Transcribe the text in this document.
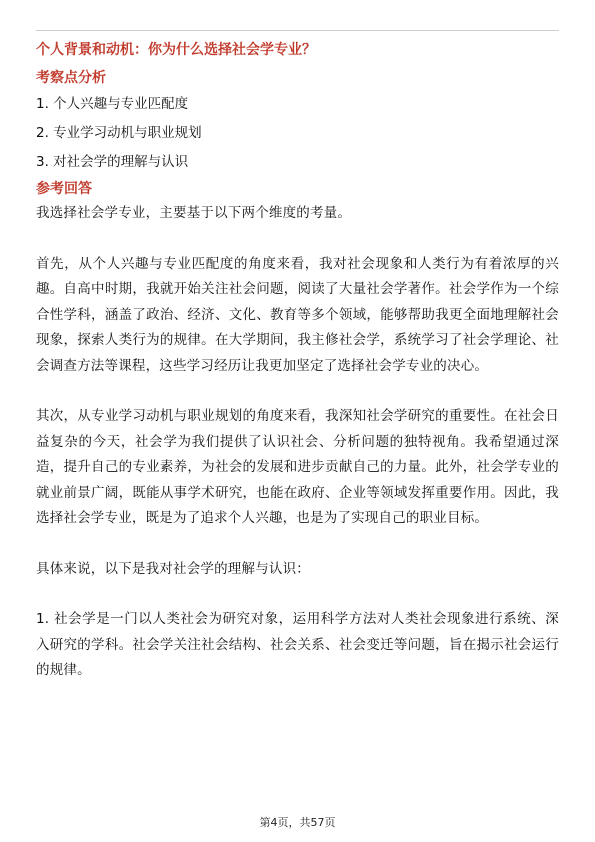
个人背景和动机：你为什么选择社会学专业？

考察点分析

1. 个人兴趣与专业匹配度
2. 专业学习动机与职业规划
3. 对社会学的理解与认识

参考回答

我选择社会学专业，主要基于以下两个维度的考量。

首先，从个人兴趣与专业匹配度的角度来看，我对社会现象和人类行为有着浓厚的兴趣。自高中时期，我就开始关注社会问题，阅读了大量社会学著作。社会学作为一个综合性学科，涵盖了政治、经济、文化、教育等多个领域，能够帮助我更全面地理解社会现象，探索人类行为的规律。在大学期间，我主修社会学，系统学习了社会学理论、社会调查方法等课程，这些学习经历让我更加坚定了选择社会学专业的决心。

其次，从专业学习动机与职业规划的角度来看，我深知社会学研究的重要性。在社会日益复杂的今天，社会学为我们提供了认识社会、分析问题的独特视角。我希望通过深造，提升自己的专业素养，为社会的发展和进步贡献自己的力量。此外，社会学专业的就业前景广阔，既能从事学术研究，也能在政府、企业等领域发挥重要作用。因此，我选择社会学专业，既是为了追求个人兴趣，也是为了实现自己的职业目标。

具体来说，以下是我对社会学的理解与认识：

1. 社会学是一门以人类社会为研究对象，运用科学方法对人类社会现象进行系统、深入研究的学科。社会学关注社会结构、社会关系、社会变迁等问题，旨在揭示社会运行的规律。

第4页，共57页
